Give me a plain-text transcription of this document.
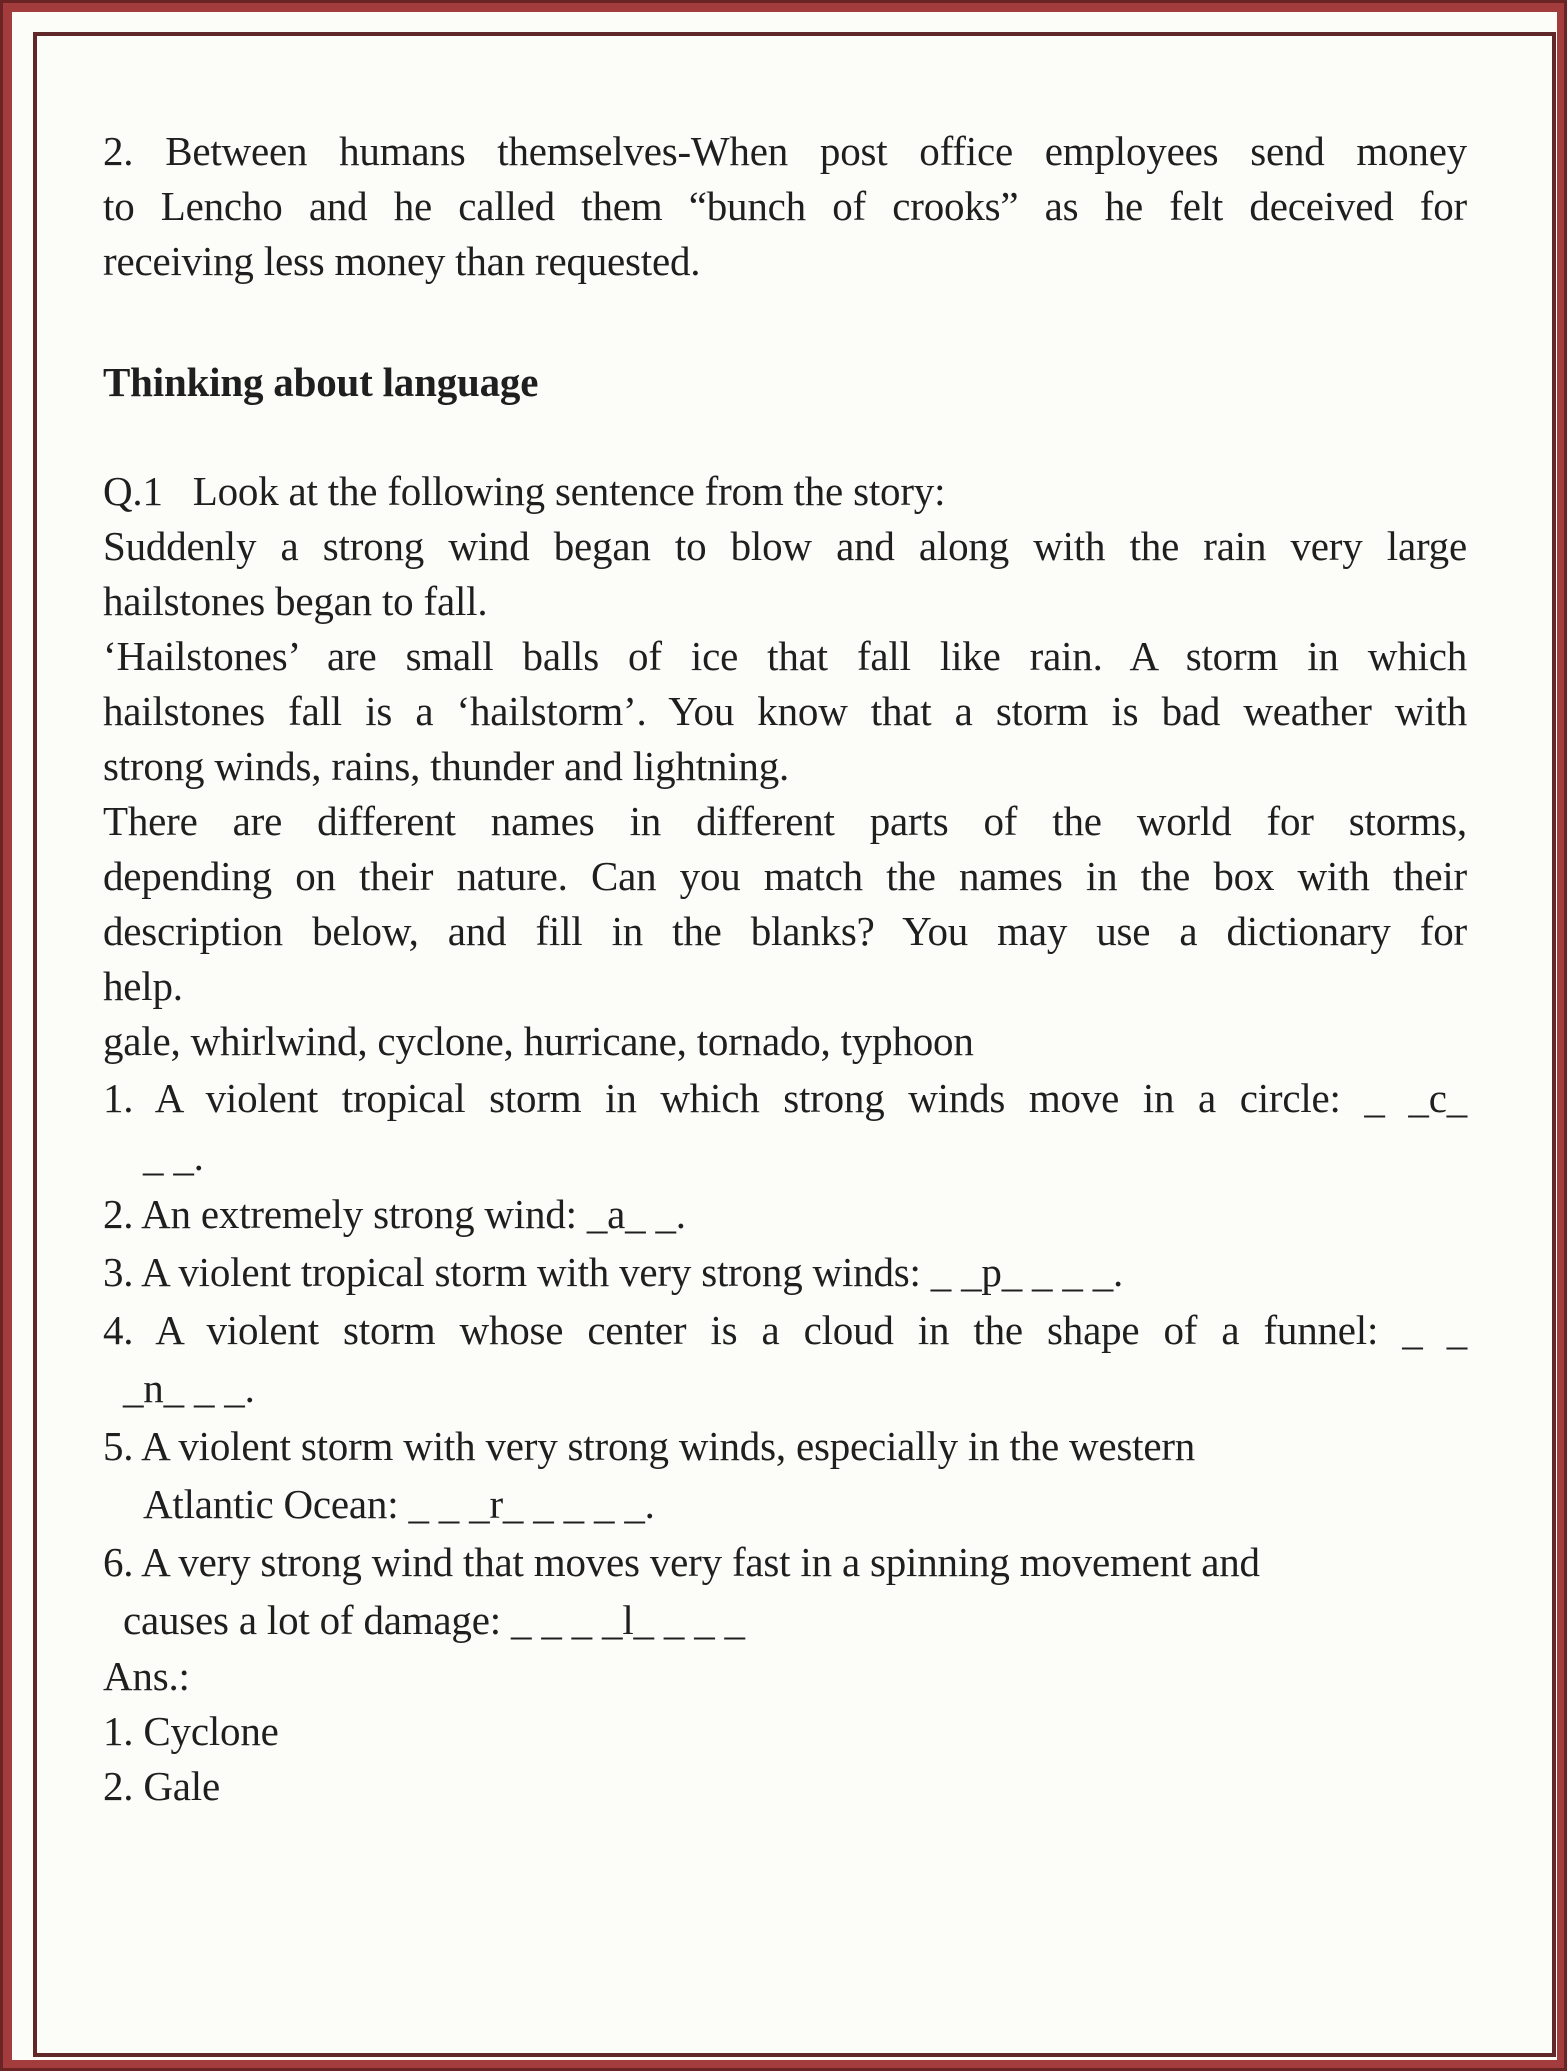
2. Between humans themselves-When post office employees send money
to Lencho and he called them “bunch of crooks” as he felt deceived for
receiving less money than requested.
Thinking about language
Q.1 Look at the following sentence from the story:
Suddenly a strong wind began to blow and along with the rain very large
hailstones began to fall.
‘Hailstones’ are small balls of ice that fall like rain. A storm in which
hailstones fall is a ‘hailstorm’. You know that a storm is bad weather with
strong winds, rains, thunder and lightning.
There are different names in different parts of the world for storms,
depending on their nature. Can you match the names in the box with their
description below, and fill in the blanks? You may use a dictionary for
help.
gale, whirlwind, cyclone, hurricane, tornado, typhoon
1. A violent tropical storm in which strong winds move in a circle: _ _c_
_ _.
2. An extremely strong wind: _a_ _.
3. A violent tropical storm with very strong winds: _ _p_ _ _ _.
4. A violent storm whose center is a cloud in the shape of a funnel: _ _
_n_ _ _.
5. A violent storm with very strong winds, especially in the western
Atlantic Ocean: _ _ _r_ _ _ _ _.
6. A very strong wind that moves very fast in a spinning movement and
causes a lot of damage: _ _ _ _l_ _ _ _
Ans.:
1. Cyclone
2. Gale
